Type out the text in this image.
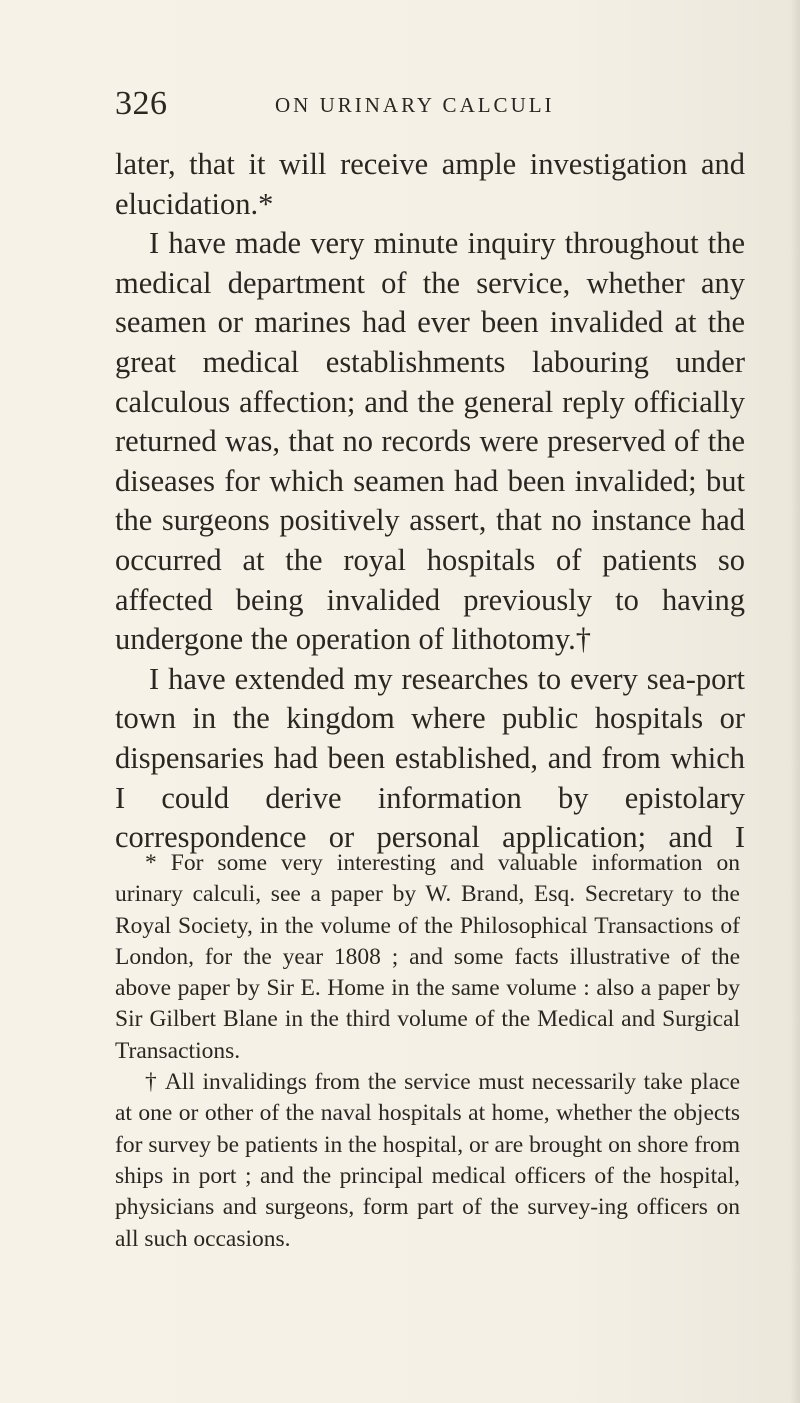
326	ON URINARY CALCULI

later, that it will receive ample investigation and elucidation.*

I have made very minute inquiry throughout the medical department of the service, whether any seamen or marines had ever been invalided at the great medical establishments labouring under calculous affection; and the general reply officially returned was, that no records were preserved of the diseases for which seamen had been invalided; but the surgeons positively assert, that no instance had occurred at the royal hospitals of patients so affected being invalided previously to having undergone the operation of lithotomy.†

I have extended my researches to every sea-port town in the kingdom where public hospitals or dispensaries had been established, and from which I could derive information by epistolary correspondence or personal application; and I

* For some very interesting and valuable information on urinary calculi, see a paper by W. Brand, Esq. Secretary to the Royal Society, in the volume of the Philosophical Transactions of London, for the year 1808 ; and some facts illustrative of the above paper by Sir E. Home in the same volume : also a paper by Sir Gilbert Blane in the third volume of the Medical and Surgical Transactions.

† All invalidings from the service must necessarily take place at one or other of the naval hospitals at home, whether the objects for survey be patients in the hospital, or are brought on shore from ships in port ; and the principal medical officers of the hospital, physicians and surgeons, form part of the survey-ing officers on all such occasions.
